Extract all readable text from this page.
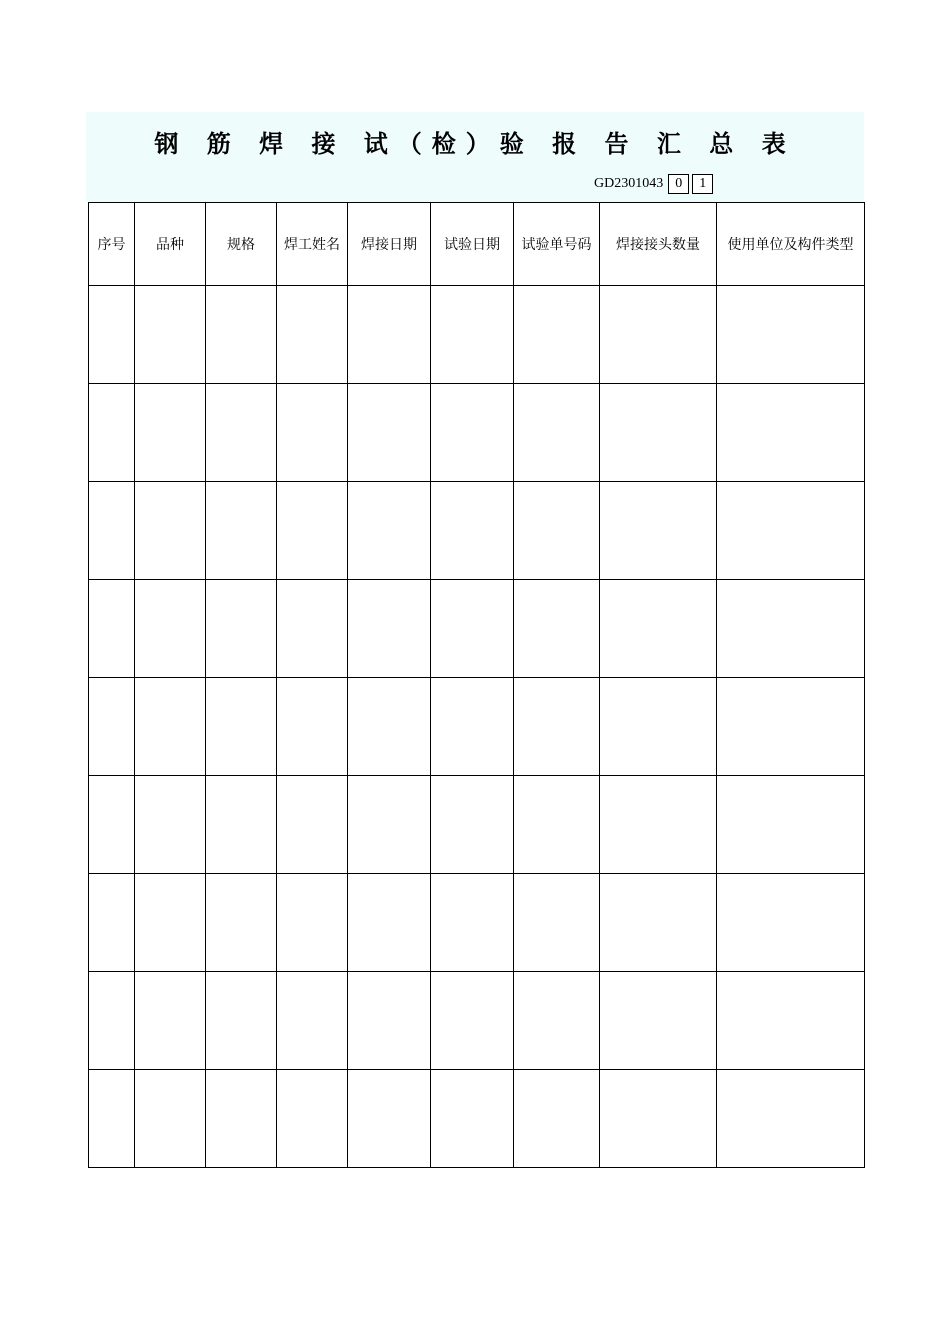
钢 筋 焊 接 试（检）验 报 告 汇 总 表
GD2301043 0	1
序号	品种	规格	焊工姓名	焊接日期	试验日期	试验单号码	焊接接头数量	使用单位及构件类型
